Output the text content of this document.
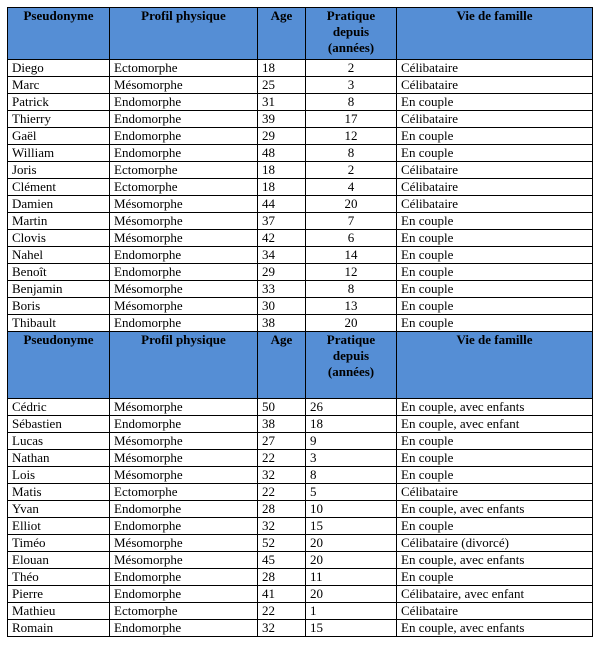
Pseudonyme	Profil physique	Age	Pratique depuis (années)	Vie de famille
Diego	Ectomorphe	18	2	Célibataire
Marc	Mésomorphe	25	3	Célibataire
Patrick	Endomorphe	31	8	En couple
Thierry	Endomorphe	39	17	Célibataire
Gaël	Endomorphe	29	12	En couple
William	Endomorphe	48	8	En couple
Joris	Ectomorphe	18	2	Célibataire
Clément	Ectomorphe	18	4	Célibataire
Damien	Mésomorphe	44	20	Célibataire
Martin	Mésomorphe	37	7	En couple
Clovis	Mésomorphe	42	6	En couple
Nahel	Endomorphe	34	14	En couple
Benoît	Endomorphe	29	12	En couple
Benjamin	Mésomorphe	33	8	En couple
Boris	Mésomorphe	30	13	En couple
Thibault	Endomorphe	38	20	En couple
Pseudonyme	Profil physique	Age	Pratique depuis (années)	Vie de famille
Cédric	Mésomorphe	50	26	En couple, avec enfants
Sébastien	Endomorphe	38	18	En couple, avec enfant
Lucas	Mésomorphe	27	9	En couple
Nathan	Mésomorphe	22	3	En couple
Lois	Mésomorphe	32	8	En couple
Matis	Ectomorphe	22	5	Célibataire
Yvan	Endomorphe	28	10	En couple, avec enfants
Elliot	Endomorphe	32	15	En couple
Timéo	Mésomorphe	52	20	Célibataire (divorcé)
Elouan	Mésomorphe	45	20	En couple, avec enfants
Théo	Endomorphe	28	11	En couple
Pierre	Endomorphe	41	20	Célibataire, avec enfant
Mathieu	Ectomorphe	22	1	Célibataire
Romain	Endomorphe	32	15	En couple, avec enfants
